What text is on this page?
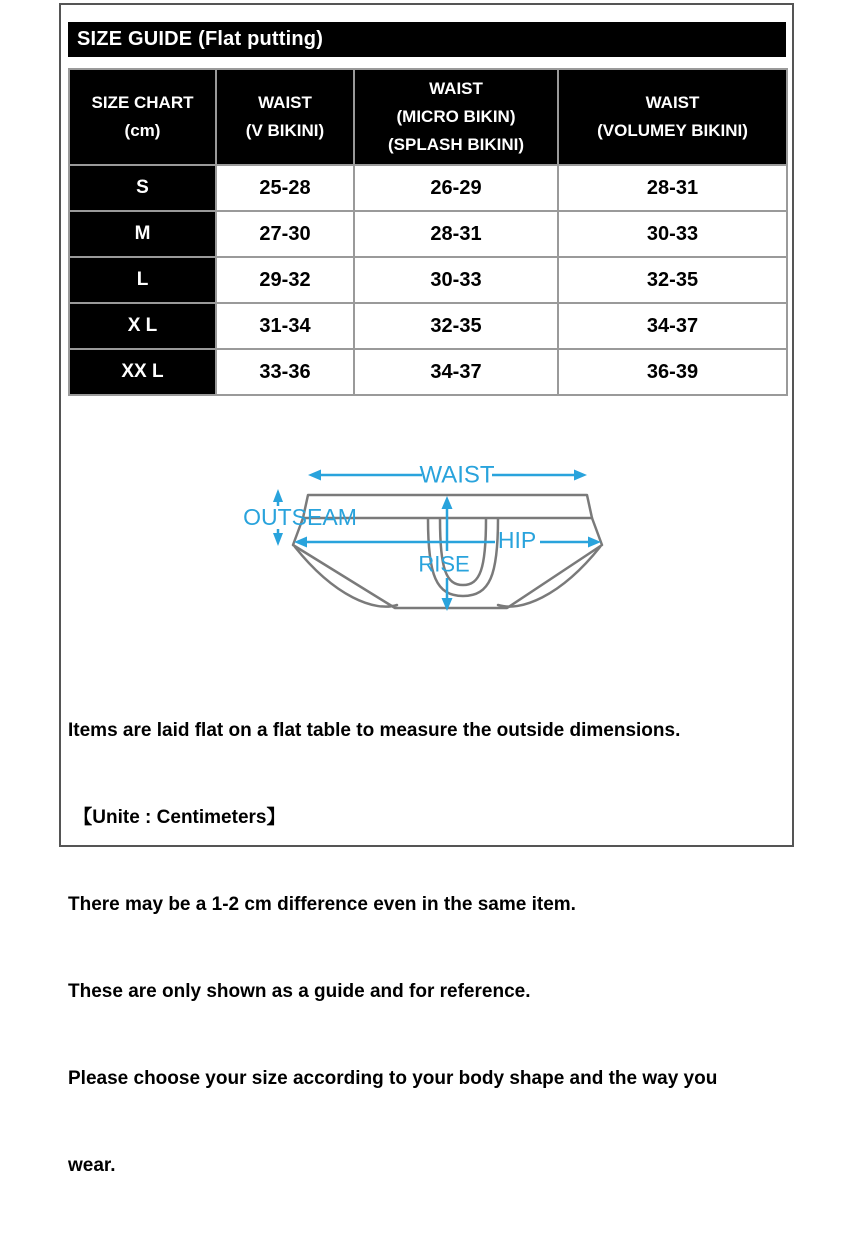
SIZE GUIDE (Flat putting)
SIZE CHART
(cm)

WAIST
(V BIKINI)

WAIST
(MICRO BIKIN)
(SPLASH BIKINI)

WAIST
(VOLUMEY BIKINI)

S	25-28	26-29	28-31
M	27-30	28-31	30-33
L	29-32	30-33	32-35
X L	31-34	32-35	34-37
XX L	33-36	34-37	36-39
WAIST
OUTSEAM
HIP
RISE

Items are laid flat on a flat table to measure the outside dimensions.

【Unite : Centimeters】

There may be a 1-2 cm difference even in the same item.

These are only shown as a guide and for reference.

Please choose your size according to your body shape and the way you

wear.
